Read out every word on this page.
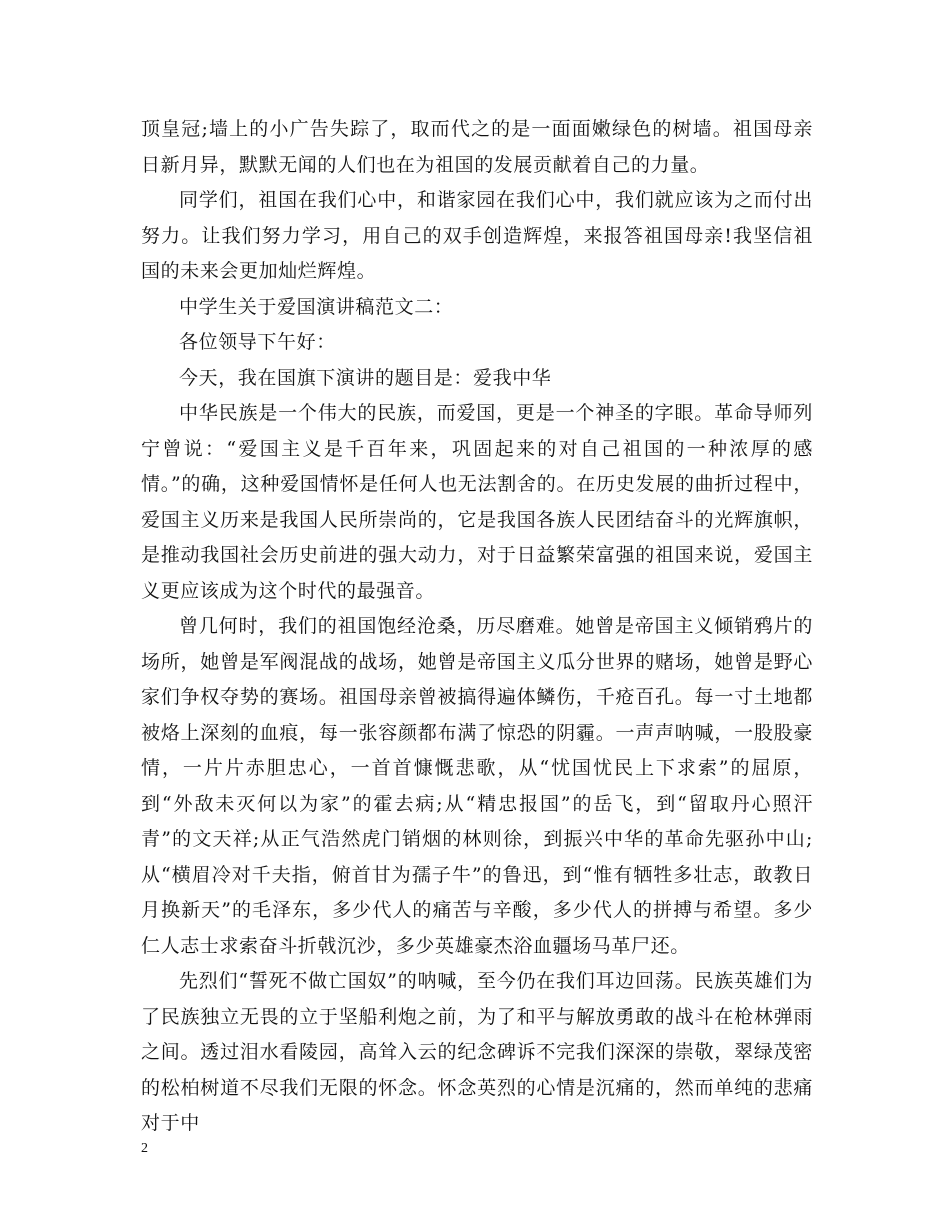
顶皇冠;墙上的小广告失踪了，取而代之的是一面面嫩绿色的树墙。祖国母亲日新月异，默默无闻的人们也在为祖国的发展贡献着自己的力量。

同学们，祖国在我们心中，和谐家园在我们心中，我们就应该为之而付出努力。让我们努力学习，用自己的双手创造辉煌，来报答祖国母亲!我坚信祖国的未来会更加灿烂辉煌。

中学生关于爱国演讲稿范文二：

各位领导下午好：

今天，我在国旗下演讲的题目是：爱我中华

中华民族是一个伟大的民族，而爱国，更是一个神圣的字眼。革命导师列宁曾说：“爱国主义是千百年来，巩固起来的对自己祖国的一种浓厚的感情。”的确，这种爱国情怀是任何人也无法割舍的。在历史发展的曲折过程中，爱国主义历来是我国人民所崇尚的，它是我国各族人民团结奋斗的光辉旗帜，是推动我国社会历史前进的强大动力，对于日益繁荣富强的祖国来说，爱国主义更应该成为这个时代的最强音。

曾几何时，我们的祖国饱经沧桑，历尽磨难。她曾是帝国主义倾销鸦片的场所，她曾是军阀混战的战场，她曾是帝国主义瓜分世界的赌场，她曾是野心家们争权夺势的赛场。祖国母亲曾被搞得遍体鳞伤，千疮百孔。每一寸土地都被烙上深刻的血痕，每一张容颜都布满了惊恐的阴霾。一声声呐喊，一股股豪情，一片片赤胆忠心，一首首慷慨悲歌，从“忧国忧民上下求索”的屈原，到“外敌未灭何以为家”的霍去病;从“精忠报国”的岳飞，到“留取丹心照汗青”的文天祥;从正气浩然虎门销烟的林则徐，到振兴中华的革命先驱孙中山;从“横眉冷对千夫指，俯首甘为孺子牛”的鲁迅，到“惟有牺牲多壮志，敢教日月换新天”的毛泽东，多少代人的痛苦与辛酸，多少代人的拼搏与希望。多少仁人志士求索奋斗折戟沉沙，多少英雄豪杰浴血疆场马革尸还。

先烈们“誓死不做亡国奴”的呐喊，至今仍在我们耳边回荡。民族英雄们为了民族独立无畏的立于坚船利炮之前，为了和平与解放勇敢的战斗在枪林弹雨之间。透过泪水看陵园，高耸入云的纪念碑诉不完我们深深的崇敬，翠绿茂密的松柏树道不尽我们无限的怀念。怀念英烈的心情是沉痛的，然而单纯的悲痛对于中

2
